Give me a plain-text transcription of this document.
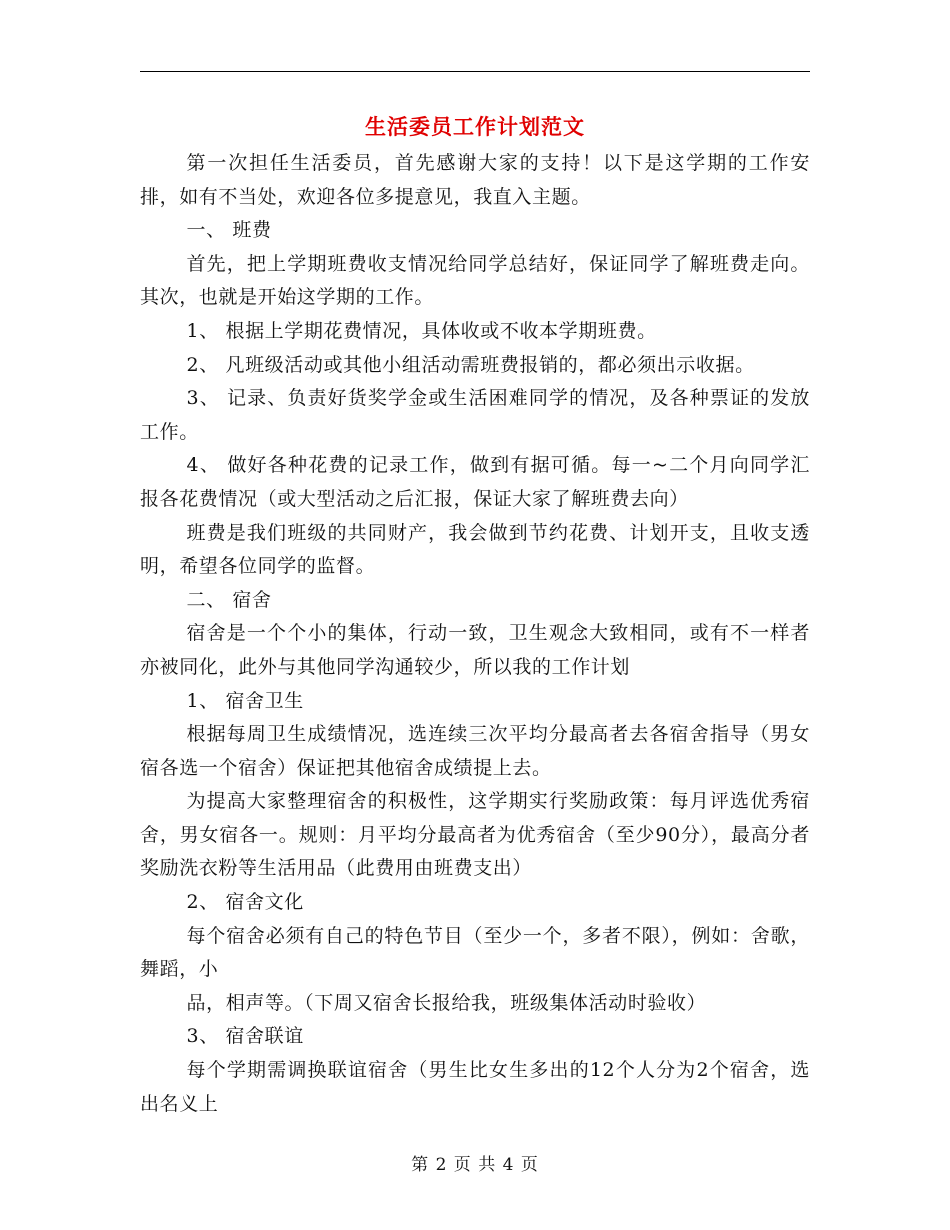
生活委员工作计划范文

第一次担任生活委员，首先感谢大家的支持！以下是这学期的工作安排，如有不当处，欢迎各位多提意见，我直入主题。

一、 班费

首先，把上学期班费收支情况给同学总结好，保证同学了解班费走向。其次，也就是开始这学期的工作。

1、 根据上学期花费情况，具体收或不收本学期班费。

2、 凡班级活动或其他小组活动需班费报销的，都必须出示收据。

3、 记录、负责好货奖学金或生活困难同学的情况，及各种票证的发放工作。

4、 做好各种花费的记录工作，做到有据可循。每一~二个月向同学汇报各花费情况（或大型活动之后汇报，保证大家了解班费去向）

班费是我们班级的共同财产，我会做到节约花费、计划开支，且收支透明，希望各位同学的监督。

二、 宿舍

宿舍是一个个小的集体，行动一致，卫生观念大致相同，或有不一样者亦被同化，此外与其他同学沟通较少，所以我的工作计划

1、 宿舍卫生

根据每周卫生成绩情况，选连续三次平均分最高者去各宿舍指导（男女宿各选一个宿舍）保证把其他宿舍成绩提上去。

为提高大家整理宿舍的积极性，这学期实行奖励政策：每月评选优秀宿舍，男女宿各一。规则：月平均分最高者为优秀宿舍（至少90分），最高分者奖励洗衣粉等生活用品（此费用由班费支出）

2、 宿舍文化

每个宿舍必须有自己的特色节目（至少一个，多者不限），例如：舍歌，舞蹈，小

品，相声等。（下周又宿舍长报给我，班级集体活动时验收）

3、 宿舍联谊

每个学期需调换联谊宿舍（男生比女生多出的12个人分为2个宿舍，选出名义上

第 2 页 共 4 页
